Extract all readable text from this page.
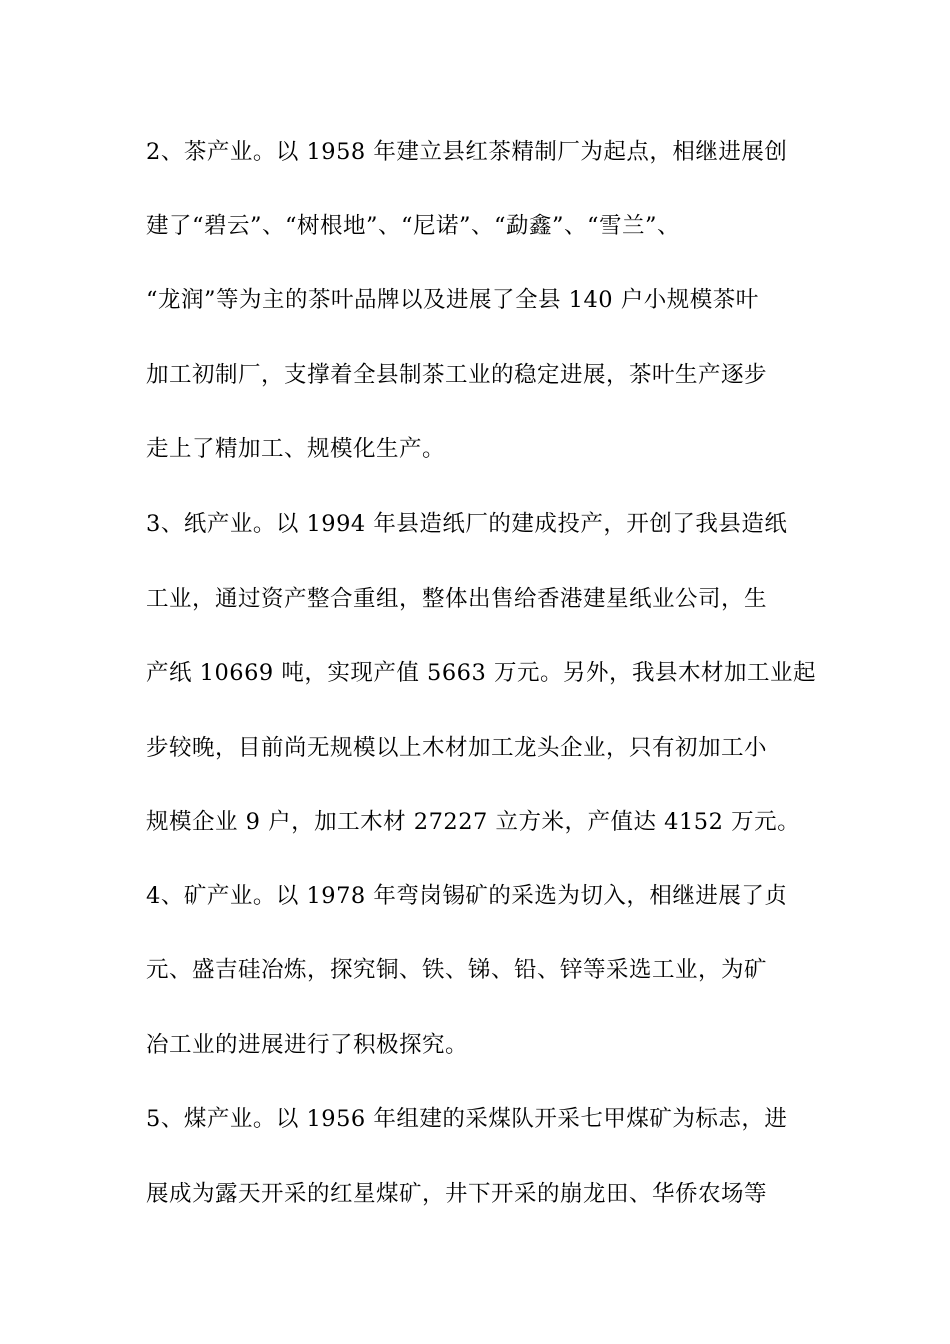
2、茶产业。以 1958 年建立县红茶精制厂为起点，相继进展创
建了“碧云”、“树根地”、“尼诺”、“勐鑫”、“雪兰”、
“龙润”等为主的茶叶品牌以及进展了全县 140 户小规模茶叶
加工初制厂，支撑着全县制茶工业的稳定进展，茶叶生产逐步
走上了精加工、规模化生产。
3、纸产业。以 1994 年县造纸厂的建成投产，开创了我县造纸
工业，通过资产整合重组，整体出售给香港建星纸业公司，生
产纸 10669 吨，实现产值 5663 万元。另外，我县木材加工业起
步较晚，目前尚无规模以上木材加工龙头企业，只有初加工小
规模企业 9 户，加工木材 27227 立方米，产值达 4152 万元。
4、矿产业。以 1978 年弯岗锡矿的采选为切入，相继进展了贞
元、盛吉硅冶炼，探究铜、铁、锑、铅、锌等采选工业，为矿
冶工业的进展进行了积极探究。
5、煤产业。以 1956 年组建的采煤队开采七甲煤矿为标志，进
展成为露天开采的红星煤矿，井下开采的崩龙田、华侨农场等
